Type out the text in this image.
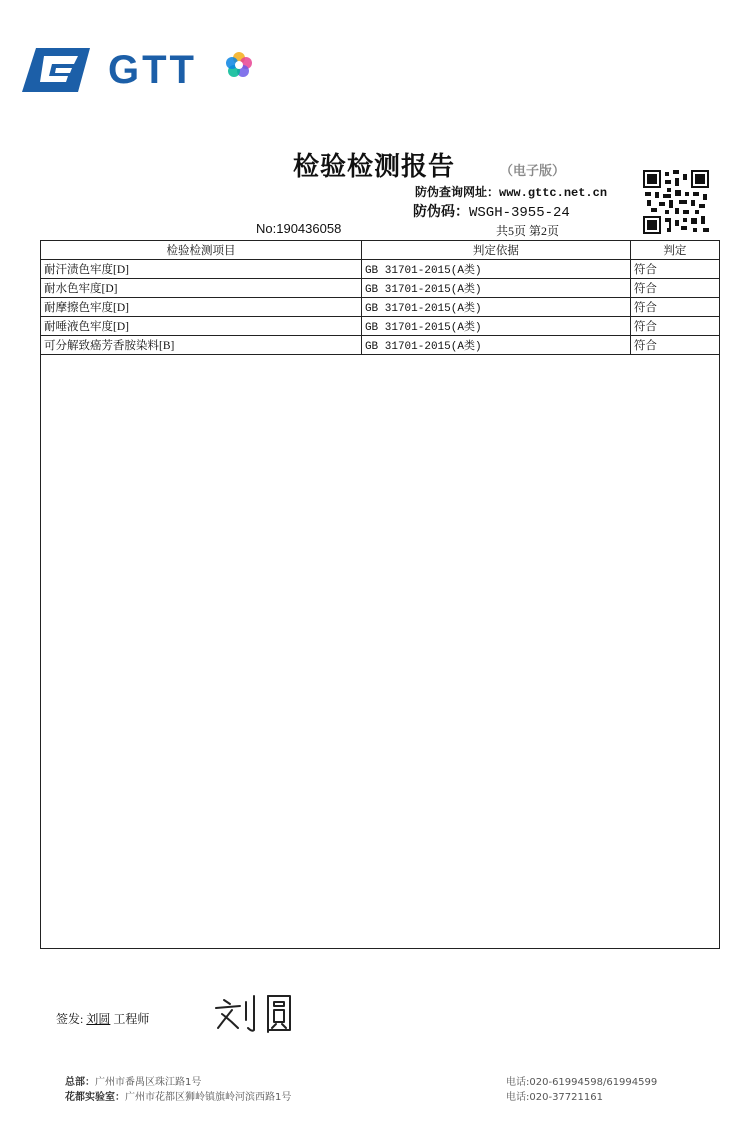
GTT
检验检测报告	（电子版）
防伪查询网址：www.gttc.net.cn
防伪码：WSGH-3955-24
No:190436058	共5页 第2页
检验检测项目	判定依据	判定
耐汗渍色牢度[D]	GB 31701-2015(A类)	符合
耐水色牢度[D]	GB 31701-2015(A类)	符合
耐摩擦色牢度[D]	GB 31701-2015(A类)	符合
耐唾液色牢度[D]	GB 31701-2015(A类)	符合
可分解致癌芳香胺染料[B]	GB 31701-2015(A类)	符合
签发: 刘圆 工程师
总部：广州市番禺区珠江路1号
花都实验室：广州市花都区狮岭镇旗岭河滨西路1号
电话:020-61994598/61994599
电话:020-37721161
